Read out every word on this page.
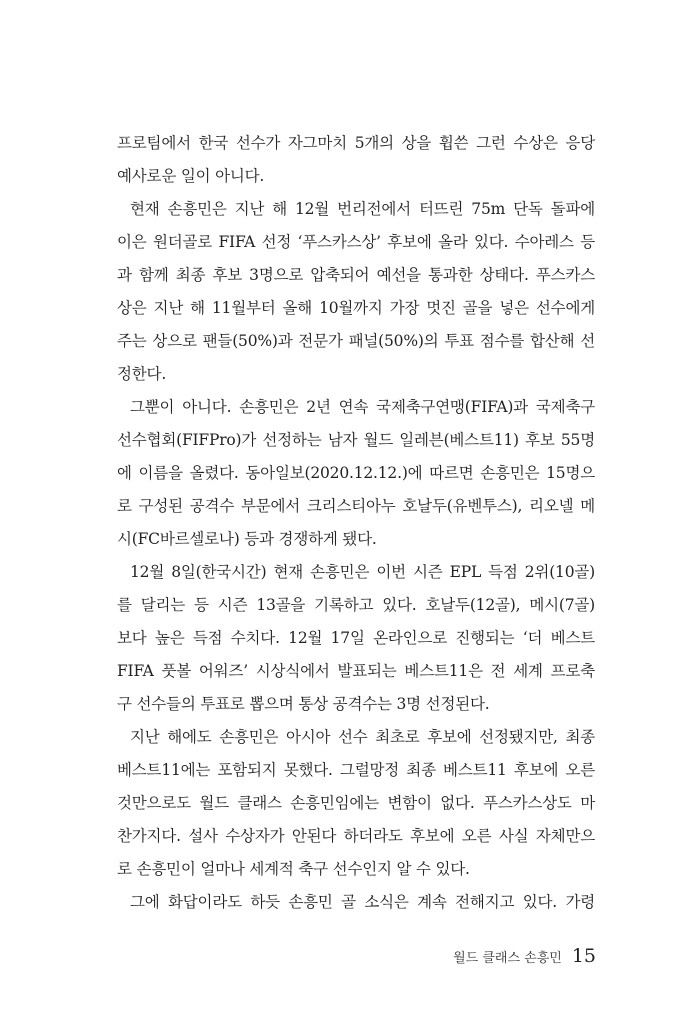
프로팀에서 한국 선수가 자그마치 5개의 상을 휩쓴 그런 수상은 응당

예사로운 일이 아니다.

현재 손흥민은 지난 해 12월 번리전에서 터뜨린 75m 단독 돌파에

이은 원더골로 FIFA 선정 ‘푸스카스상’ 후보에 올라 있다. 수아레스 등

과 함께 최종 후보 3명으로 압축되어 예선을 통과한 상태다. 푸스카스

상은 지난 해 11월부터 올해 10월까지 가장 멋진 골을 넣은 선수에게

주는 상으로 팬들(50%)과 전문가 패널(50%)의 투표 점수를 합산해 선

정한다.

그뿐이 아니다. 손흥민은 2년 연속 국제축구연맹(FIFA)과 국제축구

선수협회(FIFPro)가 선정하는 남자 월드 일레븐(베스트11) 후보 55명

에 이름을 올렸다. 동아일보(2020.12.12.)에 따르면 손흥민은 15명으

로 구성된 공격수 부문에서 크리스티아누 호날두(유벤투스), 리오넬 메

시(FC바르셀로나) 등과 경쟁하게 됐다.

12월 8일(한국시간) 현재 손흥민은 이번 시즌 EPL 득점 2위(10골)

를 달리는 등 시즌 13골을 기록하고 있다. 호날두(12골), 메시(7골)

보다 높은 득점 수치다. 12월 17일 온라인으로 진행되는 ‘더 베스트

FIFA 풋볼 어워즈’ 시상식에서 발표되는 베스트11은 전 세계 프로축

구 선수들의 투표로 뽑으며 통상 공격수는 3명 선정된다.

지난 해에도 손흥민은 아시아 선수 최초로 후보에 선정됐지만, 최종

베스트11에는 포함되지 못했다. 그럴망정 최종 베스트11 후보에 오른

것만으로도 월드 클래스 손흥민임에는 변함이 없다. 푸스카스상도 마

찬가지다. 설사 수상자가 안된다 하더라도 후보에 오른 사실 자체만으

로 손흥민이 얼마나 세계적 축구 선수인지 알 수 있다.

그에 화답이라도 하듯 손흥민 골 소식은 계속 전해지고 있다. 가령

월드 클래스 손흥민 15
